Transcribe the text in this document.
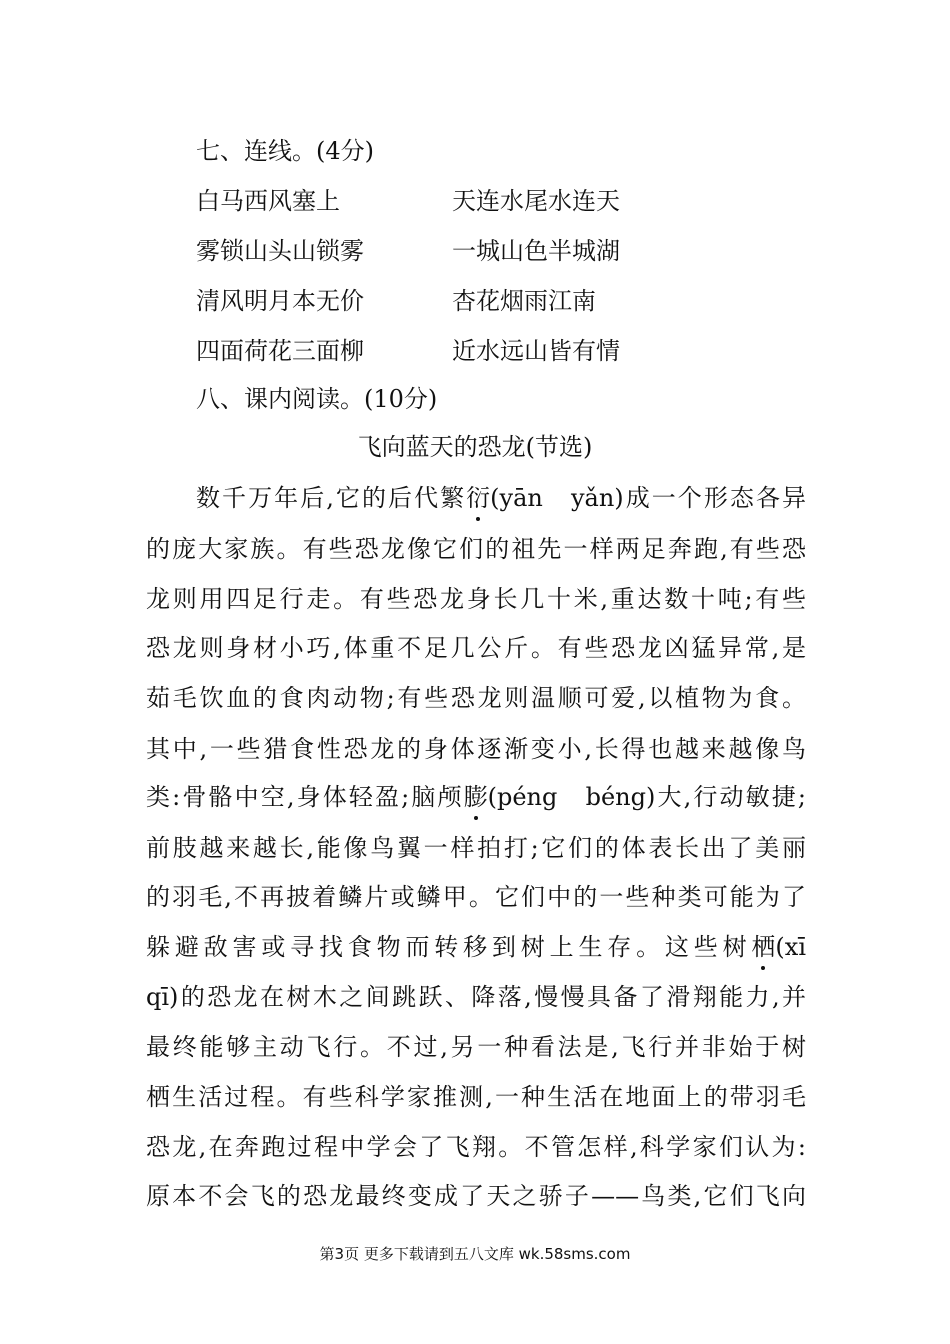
七、连线。(4分)
白马西风塞上	天连水尾水连天
雾锁山头山锁雾	一城山色半城湖
清风明月本无价	杏花烟雨江南
四面荷花三面柳	近水远山皆有情
八、课内阅读。(10分)
飞向蓝天的恐龙(节选)
数千万年后,它的后代繁衍(yān　yǎn)成一个形态各异
的庞大家族。有些恐龙像它们的祖先一样两足奔跑,有些恐
龙则用四足行走。有些恐龙身长几十米,重达数十吨;有些
恐龙则身材小巧,体重不足几公斤。有些恐龙凶猛异常,是
茹毛饮血的食肉动物;有些恐龙则温顺可爱,以植物为食。
其中,一些猎食性恐龙的身体逐渐变小,长得也越来越像鸟
类:骨骼中空,身体轻盈;脑颅膨(péng　béng)大,行动敏捷;
前肢越来越长,能像鸟翼一样拍打;它们的体表长出了美丽
的羽毛,不再披着鳞片或鳞甲。它们中的一些种类可能为了
躲避敌害或寻找食物而转移到树上生存。这些树栖(xī
qī)的恐龙在树木之间跳跃、降落,慢慢具备了滑翔能力,并
最终能够主动飞行。不过,另一种看法是,飞行并非始于树
栖生活过程。有些科学家推测,一种生活在地面上的带羽毛
恐龙,在奔跑过程中学会了飞翔。不管怎样,科学家们认为:
原本不会飞的恐龙最终变成了天之骄子——鸟类,它们飞向
第3页 更多下载请到五八文库 wk.58sms.com
